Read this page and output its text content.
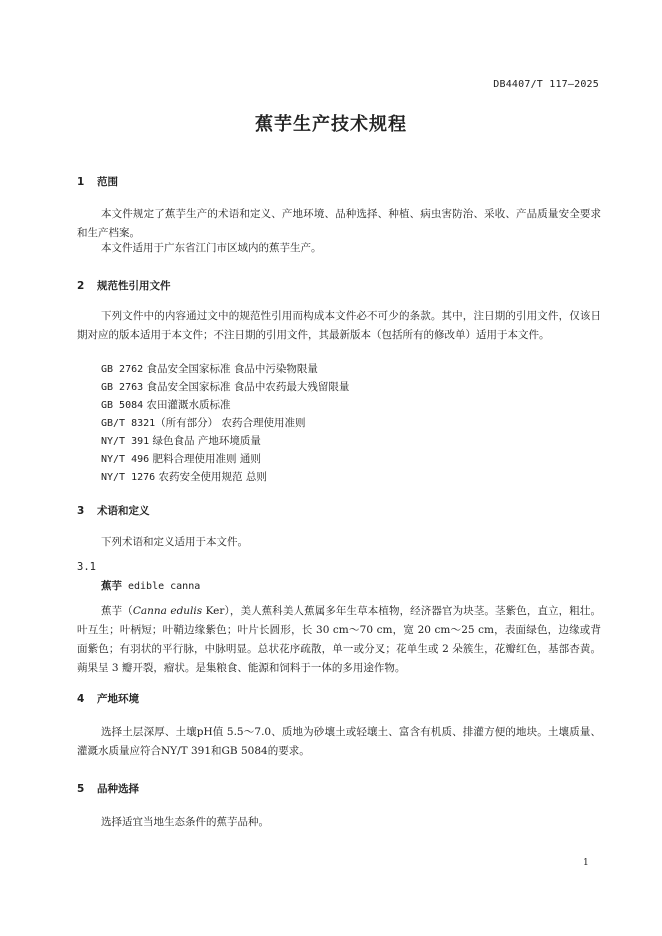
DB4407/T 117—2025
蕉芋生产技术规程
1 范围
本文件规定了蕉芋生产的术语和定义、产地环境、品种选择、种植、病虫害防治、采收、产品质量安全要求和生产档案。
本文件适用于广东省江门市区域内的蕉芋生产。
2 规范性引用文件
下列文件中的内容通过文中的规范性引用而构成本文件必不可少的条款。其中，注日期的引用文件，仅该日期对应的版本适用于本文件；不注日期的引用文件，其最新版本（包括所有的修改单）适用于本文件。
GB 2762 食品安全国家标准 食品中污染物限量
GB 2763 食品安全国家标准 食品中农药最大残留限量
GB 5084 农田灌溉水质标准
GB/T 8321（所有部分） 农药合理使用准则
NY/T 391 绿色食品 产地环境质量
NY/T 496 肥料合理使用准则 通则
NY/T 1276 农药安全使用规范 总则
3 术语和定义
下列术语和定义适用于本文件。
3.1
蕉芋 edible canna
蕉芋（Canna edulis Ker），美人蕉科美人蕉属多年生草本植物，经济器官为块茎。茎紫色，直立，粗壮。叶互生；叶柄短；叶鞘边缘紫色；叶片长圆形，长 30 cm～70 cm，宽 20 cm～25 cm，表面绿色，边缘或背面紫色；有羽状的平行脉，中脉明显。总状花序疏散，单一或分叉；花单生或 2 朵簇生，花瓣红色，基部杏黄。蒴果呈 3 瓣开裂，瘤状。是集粮食、能源和饲料于一体的多用途作物。
4 产地环境
选择土层深厚、土壤pH值 5.5～7.0、质地为砂壤土或轻壤土、富含有机质、排灌方便的地块。土壤质量、灌溉水质量应符合NY/T 391和GB 5084的要求。
5 品种选择
选择适宜当地生态条件的蕉芋品种。
1
